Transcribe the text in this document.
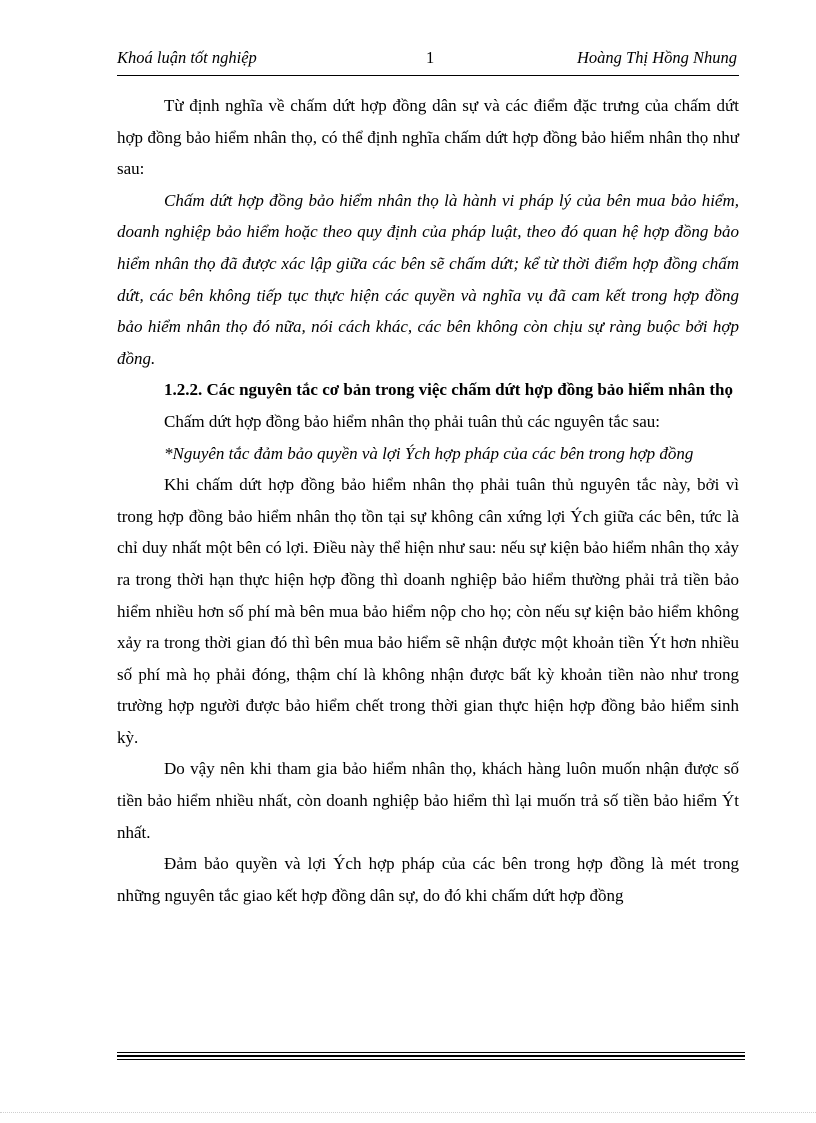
Khoá luận tốt nghiệp	1	Hoàng Thị Hồng Nhung

Từ định nghĩa về chấm dứt hợp đồng dân sự và các điểm đặc trưng của chấm dứt hợp đồng bảo hiểm nhân thọ, có thể định nghĩa chấm dứt hợp đồng bảo hiểm nhân thọ như sau:

Chấm dứt hợp đồng bảo hiểm nhân thọ là hành vi pháp lý của bên mua bảo hiểm, doanh nghiệp bảo hiểm hoặc theo quy định của pháp luật, theo đó quan hệ hợp đồng bảo hiểm nhân thọ đã được xác lập giữa các bên sẽ chấm dứt; kể từ thời điểm hợp đồng chấm dứt, các bên không tiếp tục thực hiện các quyền và nghĩa vụ đã cam kết trong hợp đồng bảo hiểm nhân thọ đó nữa, nói cách khác, các bên không còn chịu sự ràng buộc bởi hợp đồng.

1.2.2. Các nguyên tắc cơ bản trong việc chấm dứt hợp đồng bảo hiểm nhân thọ

Chấm dứt hợp đồng bảo hiểm nhân thọ phải tuân thủ các nguyên tắc sau:

*Nguyên tắc đảm bảo quyền và lợi Ých hợp pháp của các bên trong hợp đồng

Khi chấm dứt hợp đồng bảo hiểm nhân thọ phải tuân thủ nguyên tắc này, bởi vì trong hợp đồng bảo hiểm nhân thọ tồn tại sự không cân xứng lợi Ých giữa các bên, tức là chỉ duy nhất một bên có lợi. Điều này thể hiện như sau: nếu sự kiện bảo hiểm nhân thọ xảy ra trong thời hạn thực hiện hợp đồng thì doanh nghiệp bảo hiểm thường phải trả tiền bảo hiểm nhiều hơn số phí mà bên mua bảo hiểm nộp cho họ; còn nếu sự kiện bảo hiểm không xảy ra trong thời gian đó thì bên mua bảo hiểm sẽ nhận được một khoản tiền Ýt hơn nhiều số phí mà họ phải đóng, thậm chí là không nhận được bất kỳ khoản tiền nào như trong trường hợp người được bảo hiểm chết trong thời gian thực hiện hợp đồng bảo hiểm sinh kỳ.

Do vậy nên khi tham gia bảo hiểm nhân thọ, khách hàng luôn muốn nhận được số tiền bảo hiểm nhiều nhất, còn doanh nghiệp bảo hiểm thì lại muốn trả số tiền bảo hiểm Ýt nhất.

Đảm bảo quyền và lợi Ých hợp pháp của các bên trong hợp đồng là mét trong những nguyên tắc giao kết hợp đồng dân sự, do đó khi chấm dứt hợp đồng
